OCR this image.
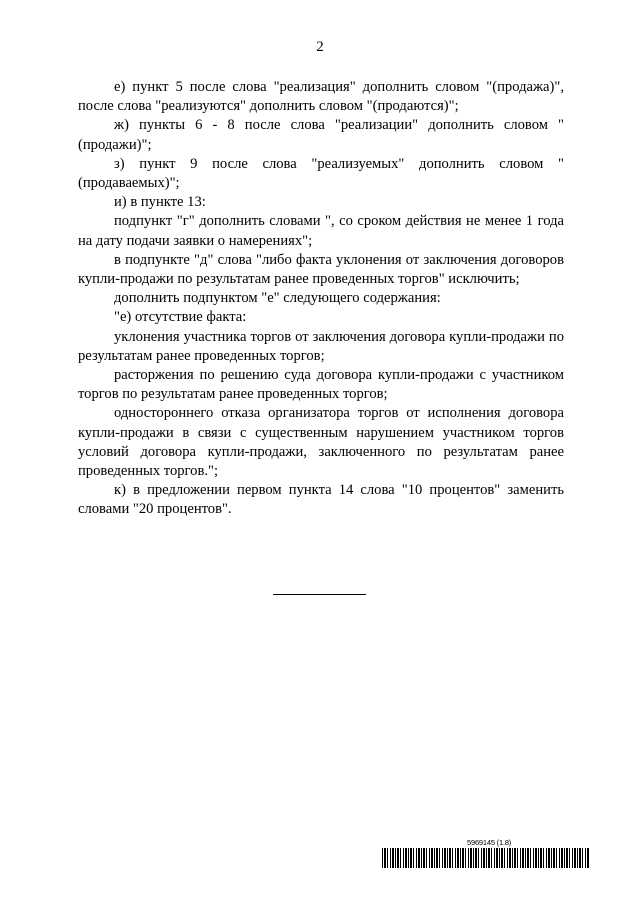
2

е) пункт 5 после слова "реализация" дополнить словом "(продажа)", после слова "реализуются" дополнить словом "(продаются)";

ж) пункты 6 - 8 после слова "реализации" дополнить словом "(продажи)";

з) пункт 9 после слова "реализуемых" дополнить словом "(продаваемых)";

и) в пункте 13:

подпункт "г" дополнить словами ", со сроком действия не менее 1 года на дату подачи заявки о намерениях";

в подпункте "д" слова "либо факта уклонения от заключения договоров купли-продажи по результатам ранее проведенных торгов" исключить;

дополнить подпунктом "е" следующего содержания:

"е) отсутствие факта:

уклонения участника торгов от заключения договора купли-продажи по результатам ранее проведенных торгов;

расторжения по решению суда договора купли-продажи с участником торгов по результатам ранее проведенных торгов;

одностороннего отказа организатора торгов от исполнения договора купли-продажи в связи с существенным нарушением участником торгов условий договора купли-продажи, заключенного по результатам ранее проведенных торгов.";

к) в предложении первом пункта 14 слова "10 процентов" заменить словами "20 процентов".

5969145 (1.8)
